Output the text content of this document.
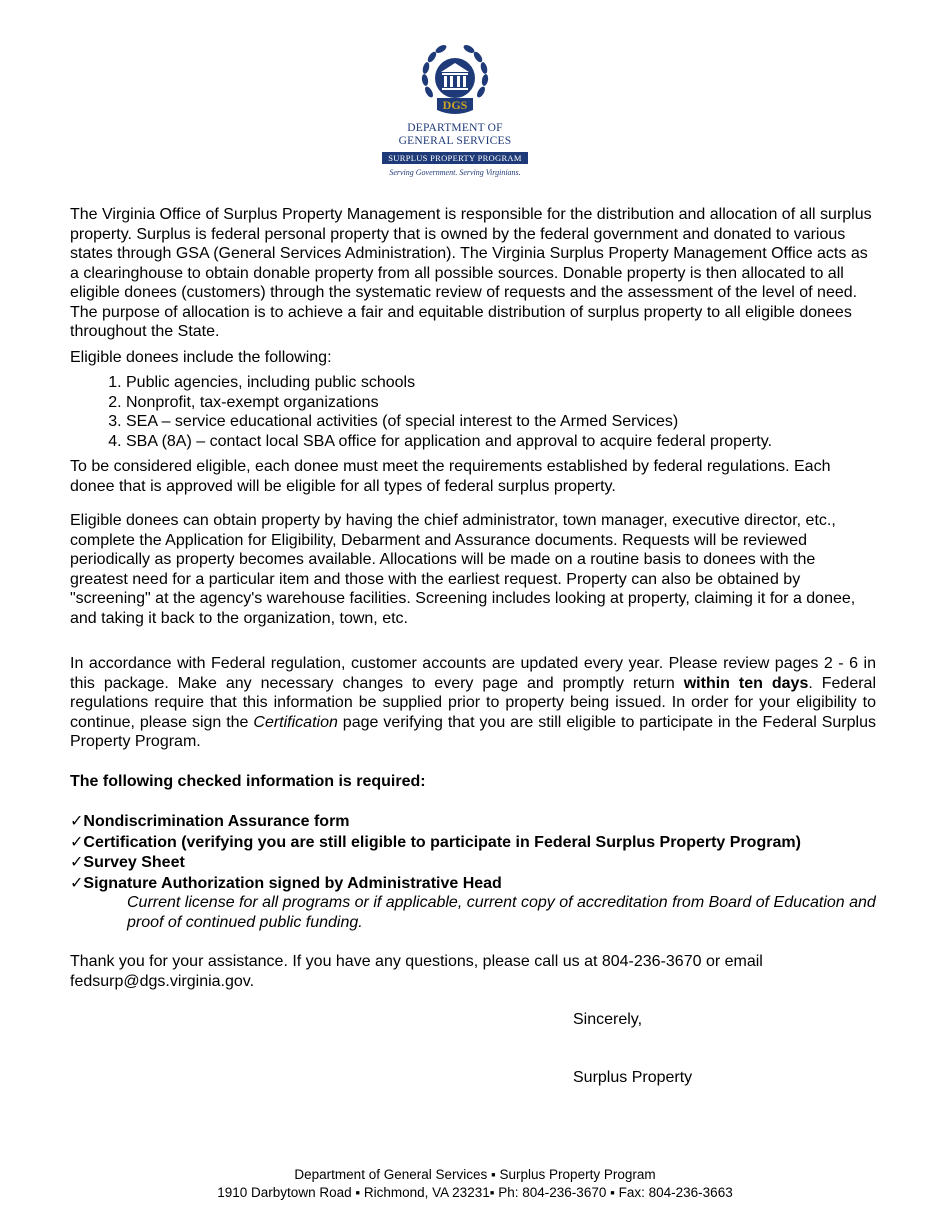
DGS
DEPARTMENT OF
GENERAL SERVICES
SURPLUS PROPERTY PROGRAM
Serving Government. Serving Virginians.

The Virginia Office of Surplus Property Management is responsible for the distribution and allocation of all surplus property. Surplus is federal personal property that is owned by the federal government and donated to various states through GSA (General Services Administration). The Virginia Surplus Property Management Office acts as a clearinghouse to obtain donable property from all possible sources. Donable property is then allocated to all eligible donees (customers) through the systematic review of requests and the assessment of the level of need. The purpose of allocation is to achieve a fair and equitable distribution of surplus property to all eligible donees throughout the State.

Eligible donees include the following:

1. Public agencies, including public schools
2. Nonprofit, tax-exempt organizations
3. SEA – service educational activities (of special interest to the Armed Services)
4. SBA (8A) – contact local SBA office for application and approval to acquire federal property.

To be considered eligible, each donee must meet the requirements established by federal regulations. Each donee that is approved will be eligible for all types of federal surplus property.

Eligible donees can obtain property by having the chief administrator, town manager, executive director, etc., complete the Application for Eligibility, Debarment and Assurance documents. Requests will be reviewed periodically as property becomes available. Allocations will be made on a routine basis to donees with the greatest need for a particular item and those with the earliest request. Property can also be obtained by "screening" at the agency's warehouse facilities. Screening includes looking at property, claiming it for a donee, and taking it back to the organization, town, etc.

In accordance with Federal regulation, customer accounts are updated every year. Please review pages 2 - 6 in this package. Make any necessary changes to every page and promptly return within ten days. Federal regulations require that this information be supplied prior to property being issued. In order for your eligibility to continue, please sign the Certification page verifying that you are still eligible to participate in the Federal Surplus Property Program.

The following checked information is required:

✓Nondiscrimination Assurance form
✓Certification (verifying you are still eligible to participate in Federal Surplus Property Program)
✓Survey Sheet
✓Signature Authorization signed by Administrative Head

Current license for all programs or if applicable, current copy of accreditation from Board of Education and proof of continued public funding.

Thank you for your assistance. If you have any questions, please call us at 804-236-3670 or email fedsurp@dgs.virginia.gov.

Sincerely,
Surplus Property
Department of General Services ▪ Surplus Property Program
1910 Darbytown Road ▪ Richmond, VA 23231▪ Ph: 804-236-3670 ▪ Fax: 804-236-3663
